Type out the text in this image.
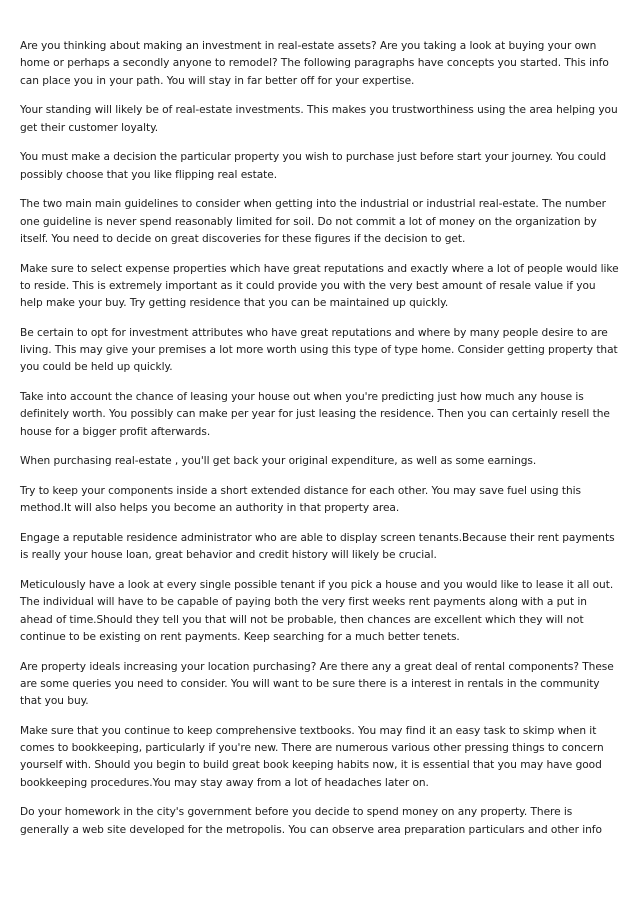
Are you thinking about making an investment in real-estate assets? Are you taking a look at buying your own home or perhaps a secondly anyone to remodel? The following paragraphs have concepts you started. This info can place you in your path. You will stay in far better off for your expertise.

Your standing will likely be of real-estate investments. This makes you trustworthiness using the area helping you get their customer loyalty.

You must make a decision the particular property you wish to purchase just before start your journey. You could possibly choose that you like flipping real estate.

The two main main guidelines to consider when getting into the industrial or industrial real-estate. The number one guideline is never spend reasonably limited for soil. Do not commit a lot of money on the organization by itself. You need to decide on great discoveries for these figures if the decision to get.

Make sure to select expense properties which have great reputations and exactly where a lot of people would like to reside. This is extremely important as it could provide you with the very best amount of resale value if you help make your buy. Try getting residence that you can be maintained up quickly.

Be certain to opt for investment attributes who have great reputations and where by many people desire to are living. This may give your premises a lot more worth using this type of type home. Consider getting property that you could be held up quickly.

Take into account the chance of leasing your house out when you're predicting just how much any house is definitely worth. You possibly can make per year for just leasing the residence. Then you can certainly resell the house for a bigger profit afterwards.

When purchasing real-estate , you'll get back your original expenditure, as well as some earnings.

Try to keep your components inside a short extended distance for each other. You may save fuel using this method.It will also helps you become an authority in that property area.

Engage a reputable residence administrator who are able to display screen tenants.Because their rent payments is really your house loan, great behavior and credit history will likely be crucial.

Meticulously have a look at every single possible tenant if you pick a house and you would like to lease it all out. The individual will have to be capable of paying both the very first weeks rent payments along with a put in ahead of time.Should they tell you that will not be probable, then chances are excellent which they will not continue to be existing on rent payments. Keep searching for a much better tenets.

Are property ideals increasing your location purchasing? Are there any a great deal of rental components? These are some queries you need to consider. You will want to be sure there is a interest in rentals in the community that you buy.

Make sure that you continue to keep comprehensive textbooks. You may find it an easy task to skimp when it comes to bookkeeping, particularly if you're new. There are numerous various other pressing things to concern yourself with. Should you begin to build great book keeping habits now, it is essential that you may have good bookkeeping procedures.You may stay away from a lot of headaches later on.

Do your homework in the city's government before you decide to spend money on any property. There is generally a web site developed for the metropolis. You can observe area preparation particulars and other info
